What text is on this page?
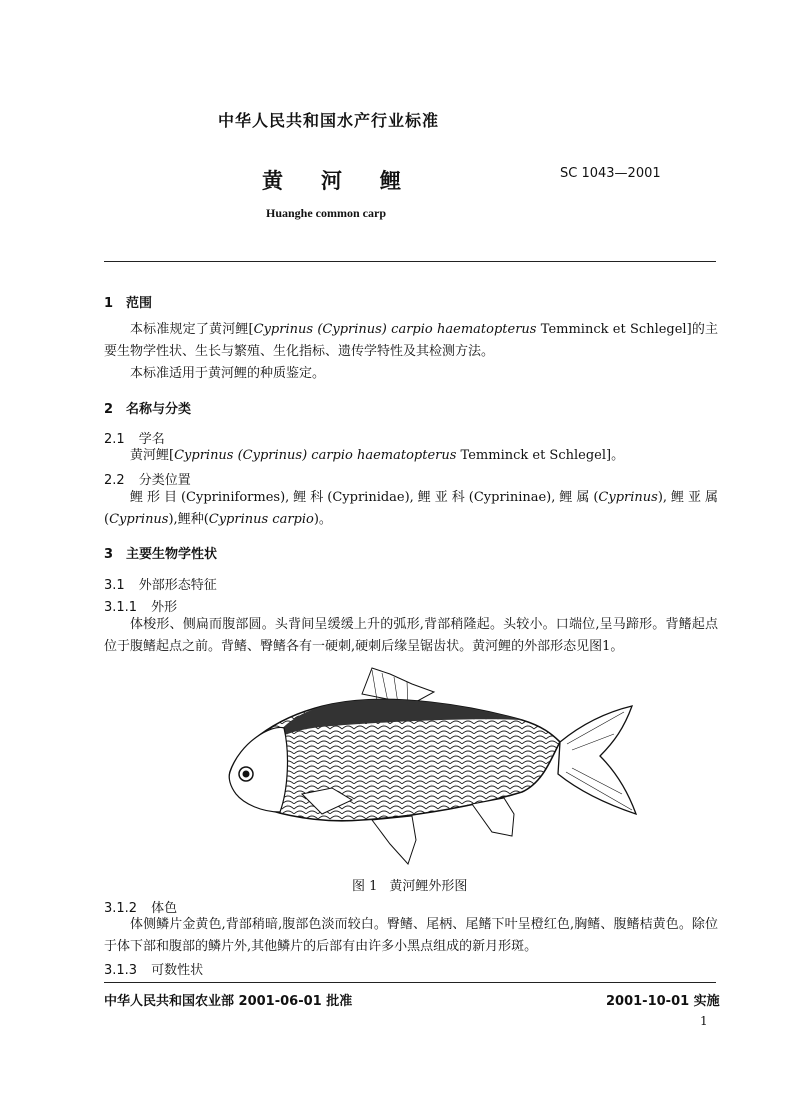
中华人民共和国水产行业标准
黄河鲤	SC 1043—2001
Huanghe common carp
1　范围

本标准规定了黄河鲤[Cyprinus (Cyprinus) carpio haematopterus Temminck et Schlegel]的主要生物学性状、生长与繁殖、生化指标、遗传学特性及其检测方法。

本标准适用于黄河鲤的种质鉴定。

2　名称与分类
2.1 学名

黄河鲤[Cyprinus (Cyprinus) carpio haematopterus Temminck et Schlegel]。

2.2 分类位置

鲤形目(Cypriniformes),鲤科(Cyprinidae),鲤亚科(Cyprininae),鲤属(Cyprinus),鲤亚属(Cyprinus),鲤种(Cyprinus carpio)。

3　主要生物学性状
3.1 外部形态特征
3.1.1 外形

体梭形、侧扁而腹部圆。头背间呈缓缓上升的弧形,背部稍隆起。头较小。口端位,呈马蹄形。背鳍起点位于腹鳍起点之前。背鳍、臀鳍各有一硬刺,硬刺后缘呈锯齿状。黄河鲤的外部形态见图1。

图 1 黄河鲤外形图
3.1.2 体色

体侧鳞片金黄色,背部稍暗,腹部色淡而较白。臀鳍、尾柄、尾鳍下叶呈橙红色,胸鳍、腹鳍桔黄色。除位于体下部和腹部的鳞片外,其他鳞片的后部有由许多小黑点组成的新月形斑。

3.1.3 可数性状
中华人民共和国农业部 2001-06-01 批准	2001-10-01 实施
1
